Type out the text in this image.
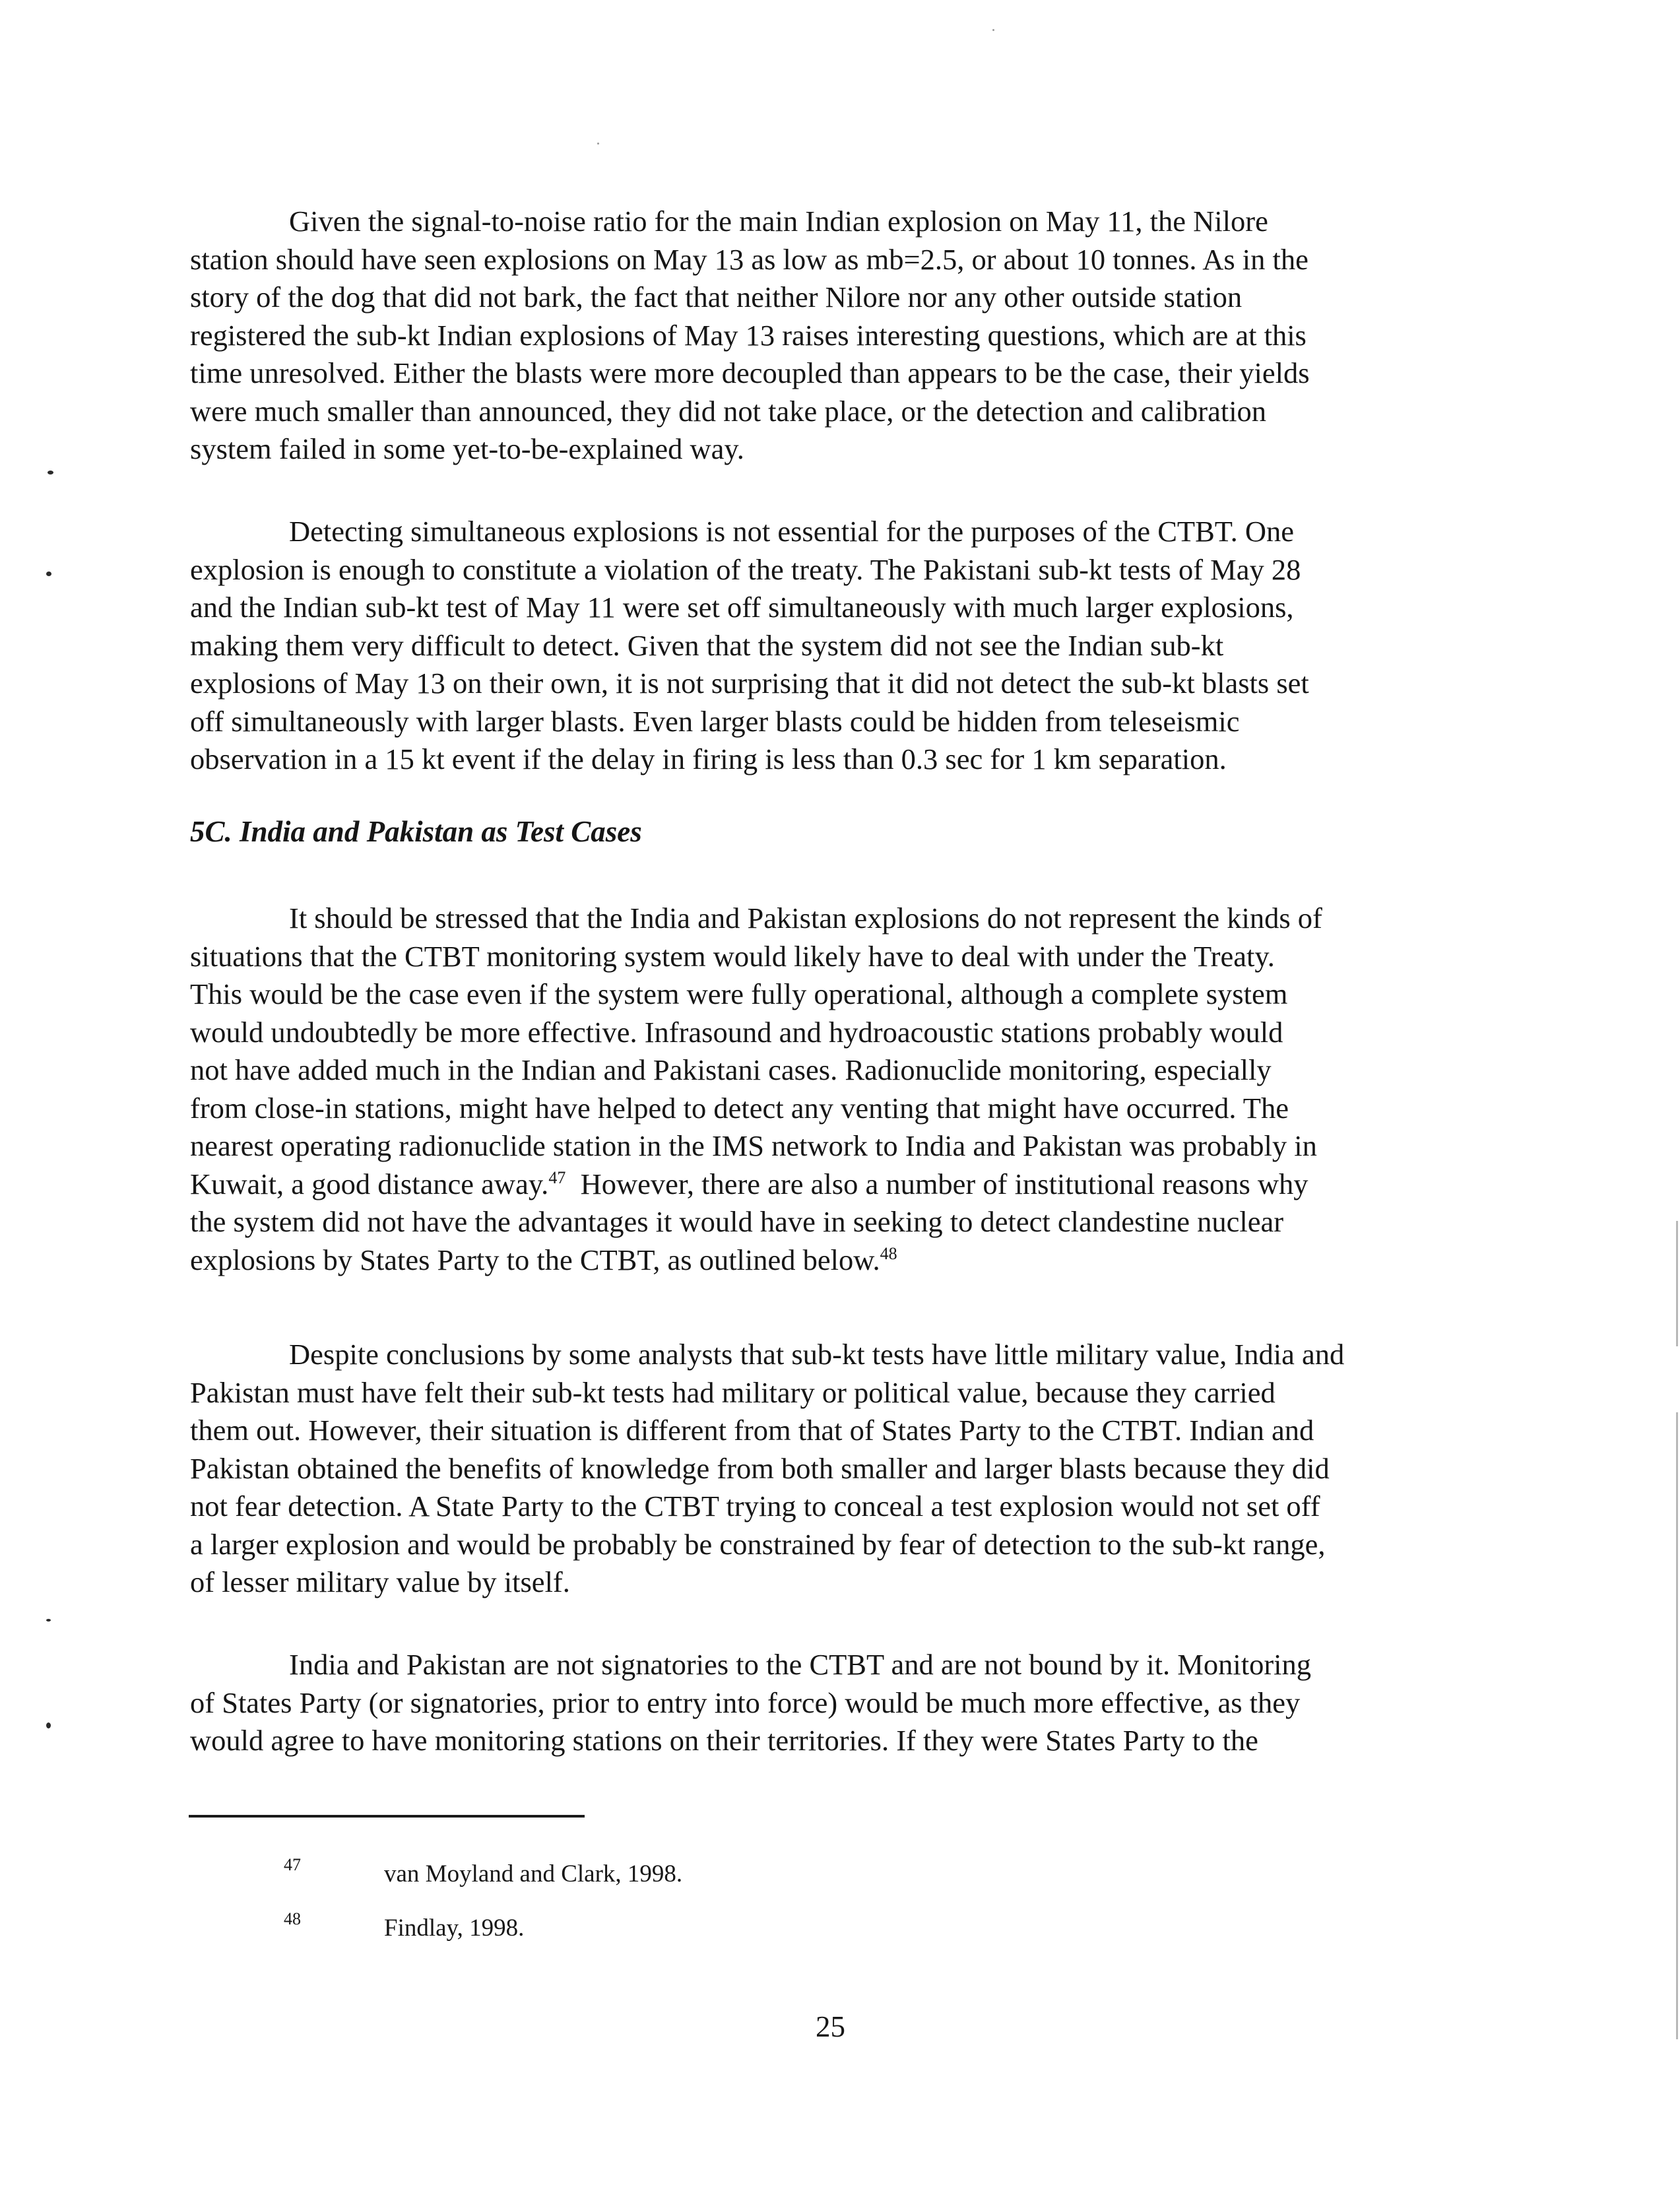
Given the signal-to-noise ratio for the main Indian explosion on May 11, the Nilore
station should have seen explosions on May 13 as low as mb=2.5, or about 10 tonnes. As in the
story of the dog that did not bark, the fact that neither Nilore nor any other outside station
registered the sub-kt Indian explosions of May 13 raises interesting questions, which are at this
time unresolved. Either the blasts were more decoupled than appears to be the case, their yields
were much smaller than announced, they did not take place, or the detection and calibration
system failed in some yet-to-be-explained way.

Detecting simultaneous explosions is not essential for the purposes of the CTBT. One
explosion is enough to constitute a violation of the treaty. The Pakistani sub-kt tests of May 28
and the Indian sub-kt test of May 11 were set off simultaneously with much larger explosions,
making them very difficult to detect. Given that the system did not see the Indian sub-kt
explosions of May 13 on their own, it is not surprising that it did not detect the sub-kt blasts set
off simultaneously with larger blasts. Even larger blasts could be hidden from teleseismic
observation in a 15 kt event if the delay in firing is less than 0.3 sec for 1 km separation.

5C. India and Pakistan as Test Cases

It should be stressed that the India and Pakistan explosions do not represent the kinds of
situations that the CTBT monitoring system would likely have to deal with under the Treaty.
This would be the case even if the system were fully operational, although a complete system
would undoubtedly be more effective. Infrasound and hydroacoustic stations probably would
not have added much in the Indian and Pakistani cases. Radionuclide monitoring, especially
from close-in stations, might have helped to detect any venting that might have occurred. The
nearest operating radionuclide station in the IMS network to India and Pakistan was probably in
Kuwait, a good distance away.$^{47}$  However, there are also a number of institutional reasons why
the system did not have the advantages it would have in seeking to detect clandestine nuclear
explosions by States Party to the CTBT, as outlined below.$^{48}$

Despite conclusions by some analysts that sub-kt tests have little military value, India and
Pakistan must have felt their sub-kt tests had military or political value, because they carried
them out. However, their situation is different from that of States Party to the CTBT. Indian and
Pakistan obtained the benefits of knowledge from both smaller and larger blasts because they did
not fear detection. A State Party to the CTBT trying to conceal a test explosion would not set off
a larger explosion and would be probably be constrained by fear of detection to the sub-kt range,
of lesser military value by itself.

India and Pakistan are not signatories to the CTBT and are not bound by it. Monitoring
of States Party (or signatories, prior to entry into force) would be much more effective, as they
would agree to have monitoring stations on their territories. If they were States Party to the

47	van Moyland and Clark, 1998.
48	Findlay, 1998.
25
